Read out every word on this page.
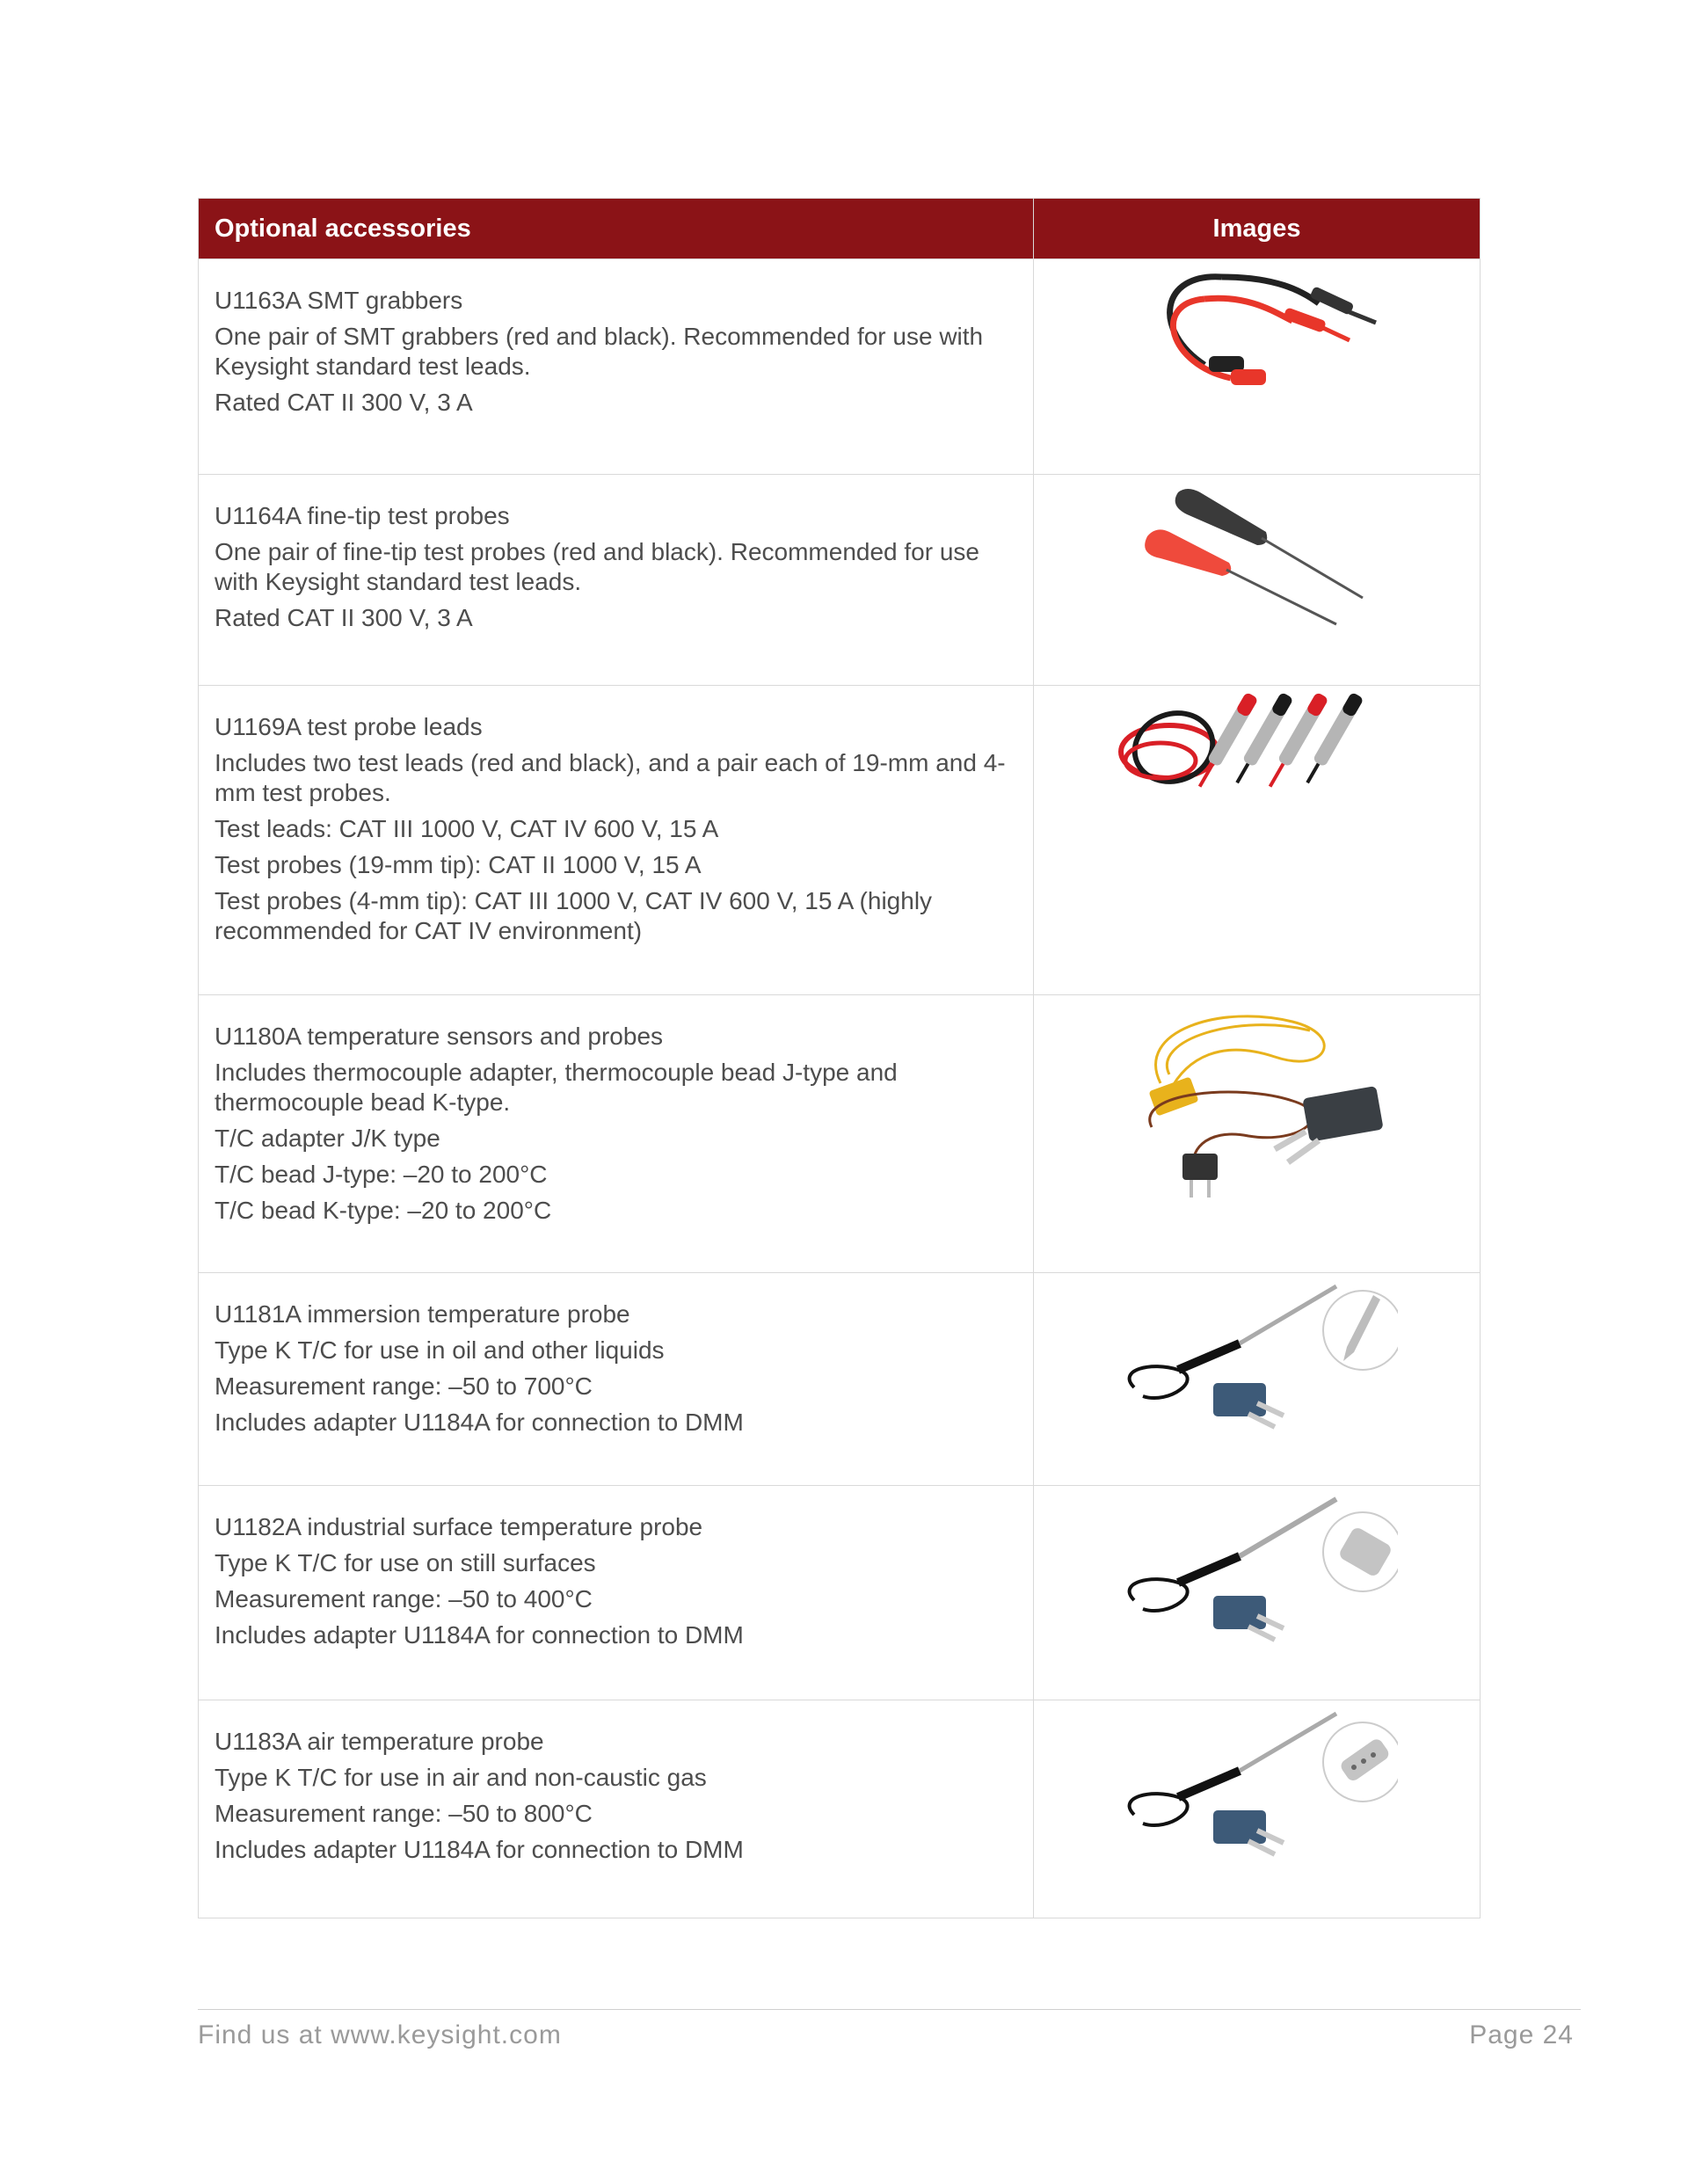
Optional accessories	Images

U1163A SMT grabbers
One pair of SMT grabbers (red and black). Recommended for use with Keysight standard test leads.
Rated CAT II 300 V, 3 A

U1164A fine-tip test probes
One pair of fine-tip test probes (red and black). Recommended for use with Keysight standard test leads.
Rated CAT II 300 V, 3 A

U1169A test probe leads
Includes two test leads (red and black), and a pair each of 19-mm and 4-mm test probes.
Test leads: CAT III 1000 V, CAT IV 600 V, 15 A
Test probes (19-mm tip): CAT II 1000 V, 15 A
Test probes (4-mm tip): CAT III 1000 V, CAT IV 600 V, 15 A (highly recommended for CAT IV environment)

U1180A temperature sensors and probes
Includes thermocouple adapter, thermocouple bead J-type and thermocouple bead K-type.
T/C adapter J/K type
T/C bead J-type: –20 to 200°C
T/C bead K-type: –20 to 200°C

U1181A immersion temperature probe
Type K T/C for use in oil and other liquids
Measurement range: –50 to 700°C
Includes adapter U1184A for connection to DMM

U1182A industrial surface temperature probe
Type K T/C for use on still surfaces
Measurement range: –50 to 400°C
Includes adapter U1184A for connection to DMM

U1183A air temperature probe
Type K T/C for use in air and non-caustic gas
Measurement range: –50 to 800°C
Includes adapter U1184A for connection to DMM

Find us at www.keysight.com	Page 24
